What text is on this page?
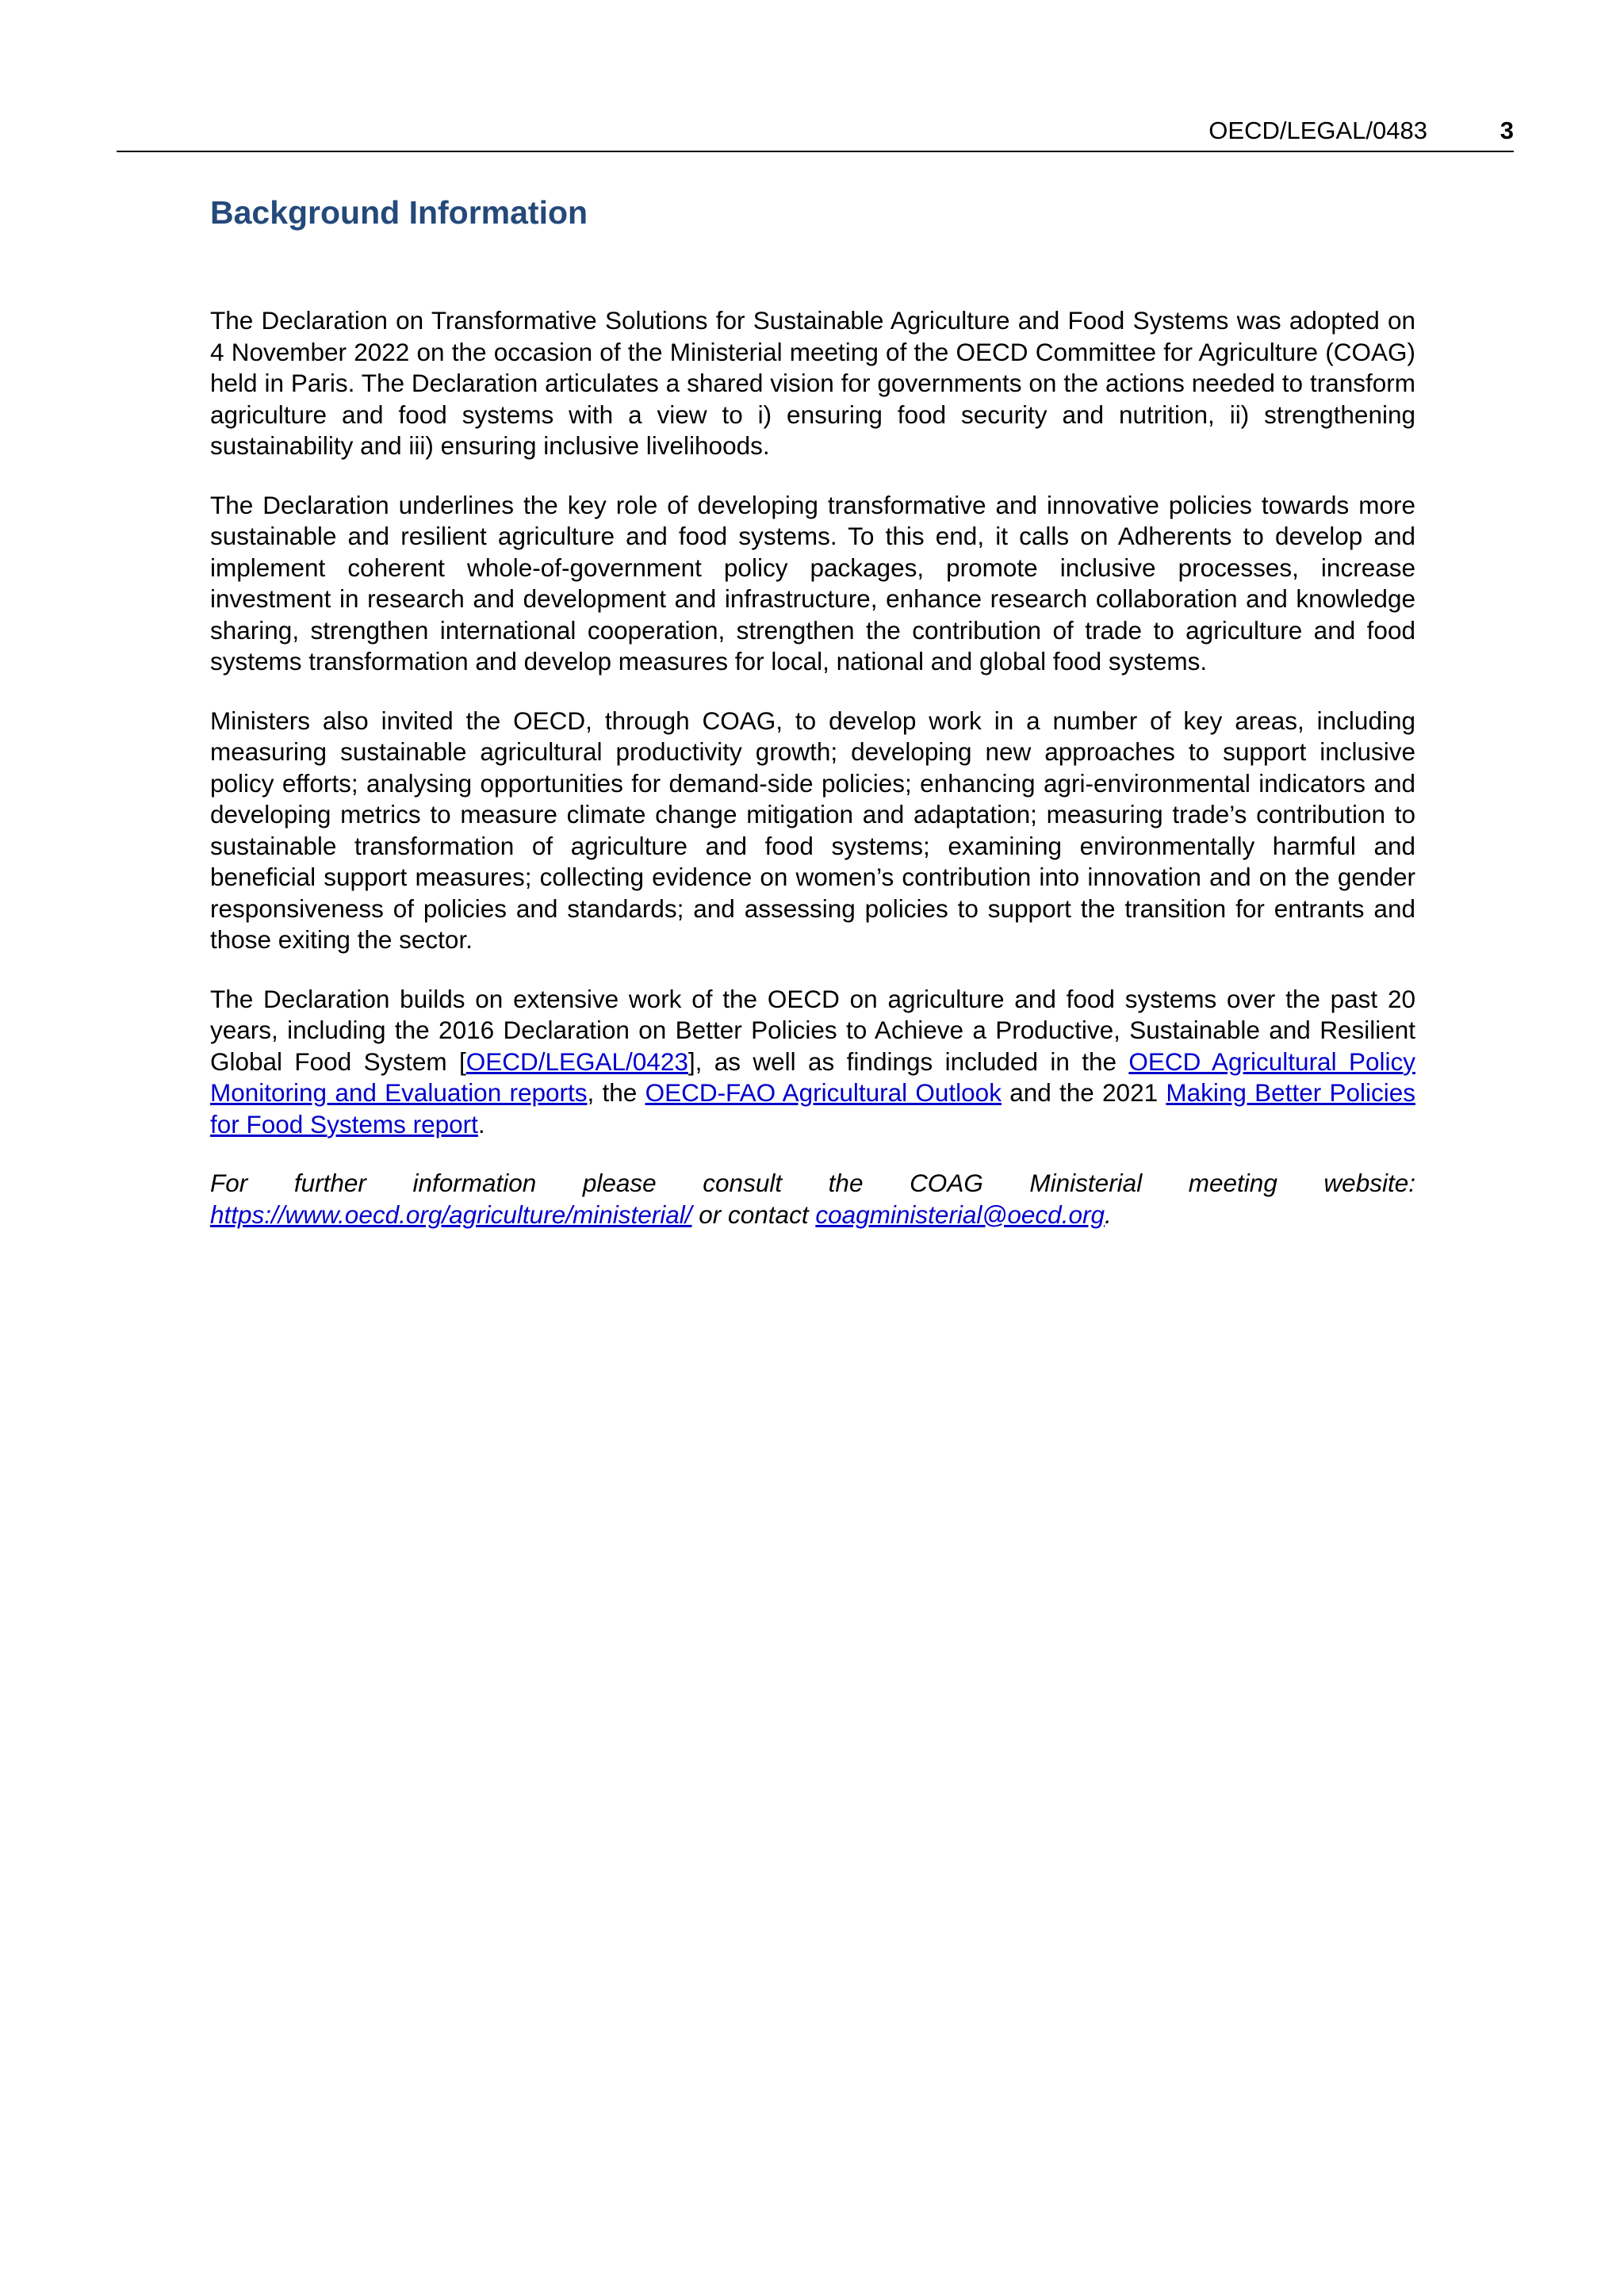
OECD/LEGAL/0483	3
Background Information

The Declaration on Transformative Solutions for Sustainable Agriculture and Food Systems was adopted on 4 November 2022 on the occasion of the Ministerial meeting of the OECD Committee for Agriculture (COAG) held in Paris. The Declaration articulates a shared vision for governments on the actions needed to transform agriculture and food systems with a view to i) ensuring food security and nutrition, ii) strengthening sustainability and iii) ensuring inclusive livelihoods.

The Declaration underlines the key role of developing transformative and innovative policies towards more sustainable and resilient agriculture and food systems. To this end, it calls on Adherents to develop and implement coherent whole-of-government policy packages, promote inclusive processes, increase investment in research and development and infrastructure, enhance research collaboration and knowledge sharing, strengthen international cooperation, strengthen the contribution of trade to agriculture and food systems transformation and develop measures for local, national and global food systems.

Ministers also invited the OECD, through COAG, to develop work in a number of key areas, including measuring sustainable agricultural productivity growth; developing new approaches to support inclusive policy efforts; analysing opportunities for demand-side policies; enhancing agri-environmental indicators and developing metrics to measure climate change mitigation and adaptation; measuring trade’s contribution to sustainable transformation of agriculture and food systems; examining environmentally harmful and beneficial support measures; collecting evidence on women’s contribution into innovation and on the gender responsiveness of policies and standards; and assessing policies to support the transition for entrants and those exiting the sector.

The Declaration builds on extensive work of the OECD on agriculture and food systems over the past 20 years, including the 2016 Declaration on Better Policies to Achieve a Productive, Sustainable and Resilient Global Food System [OECD/LEGAL/0423], as well as findings included in the OECD Agricultural Policy Monitoring and Evaluation reports, the OECD-FAO Agricultural Outlook and the 2021 Making Better Policies for Food Systems report.

For further information please consult the COAG Ministerial meeting website: https://www.oecd.org/agriculture/ministerial/ or contact coagministerial@oecd.org.
